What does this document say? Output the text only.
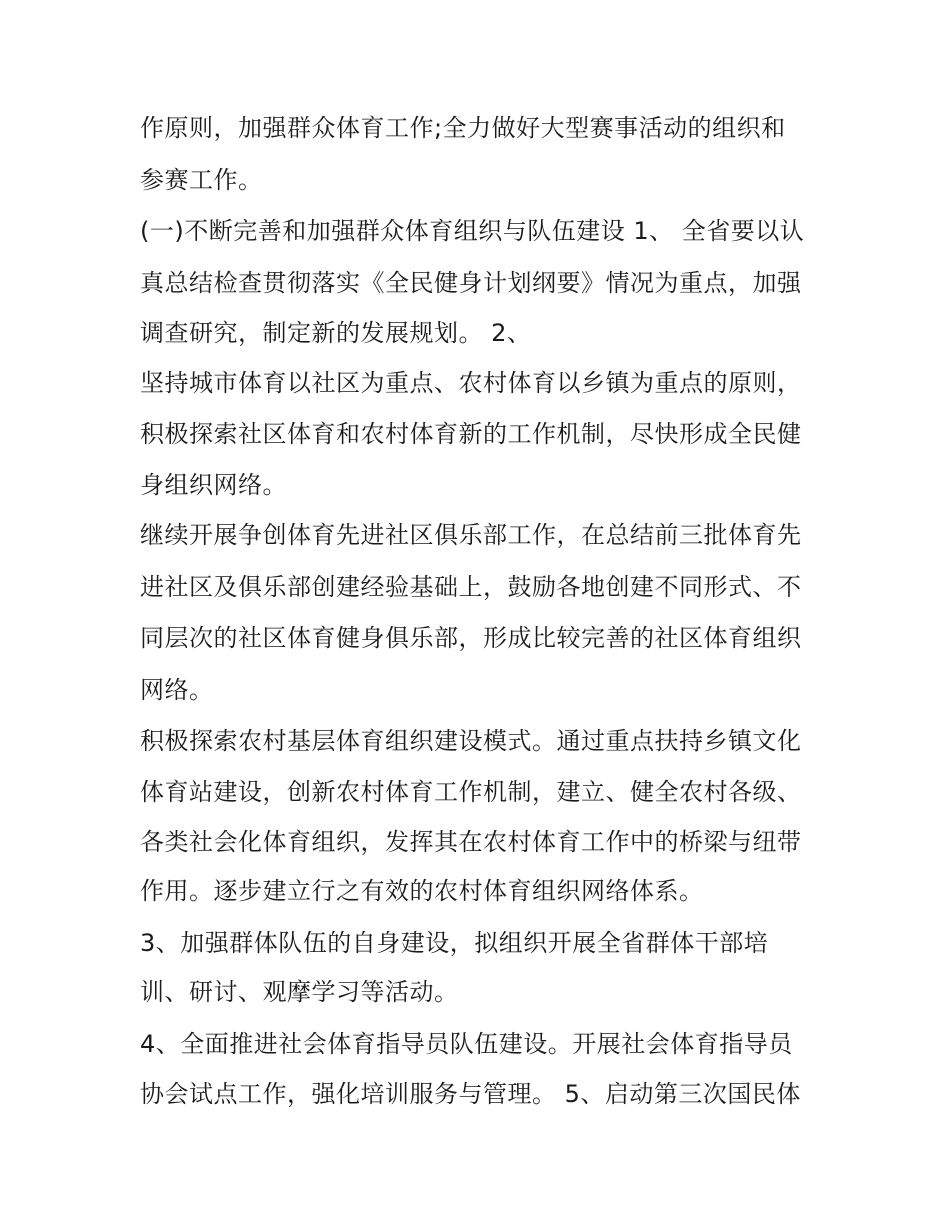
作原则，加强群众体育工作;全力做好大型赛事活动的组织和

参赛工作。

(一)不断完善和加强群众体育组织与队伍建设 1、 全省要以认

真总结检查贯彻落实《全民健身计划纲要》情况为重点，加强

调查研究，制定新的发展规划。 2、

坚持城市体育以社区为重点、农村体育以乡镇为重点的原则，

积极探索社区体育和农村体育新的工作机制，尽快形成全民健

身组织网络。

继续开展争创体育先进社区俱乐部工作，在总结前三批体育先

进社区及俱乐部创建经验基础上，鼓励各地创建不同形式、不

同层次的社区体育健身俱乐部，形成比较完善的社区体育组织

网络。

积极探索农村基层体育组织建设模式。通过重点扶持乡镇文化

体育站建设，创新农村体育工作机制，建立、健全农村各级、

各类社会化体育组织，发挥其在农村体育工作中的桥梁与纽带

作用。逐步建立行之有效的农村体育组织网络体系。

3、加强群体队伍的自身建设，拟组织开展全省群体干部培

训、研讨、观摩学习等活动。

4、全面推进社会体育指导员队伍建设。开展社会体育指导员

协会试点工作，强化培训服务与管理。 5、启动第三次国民体
